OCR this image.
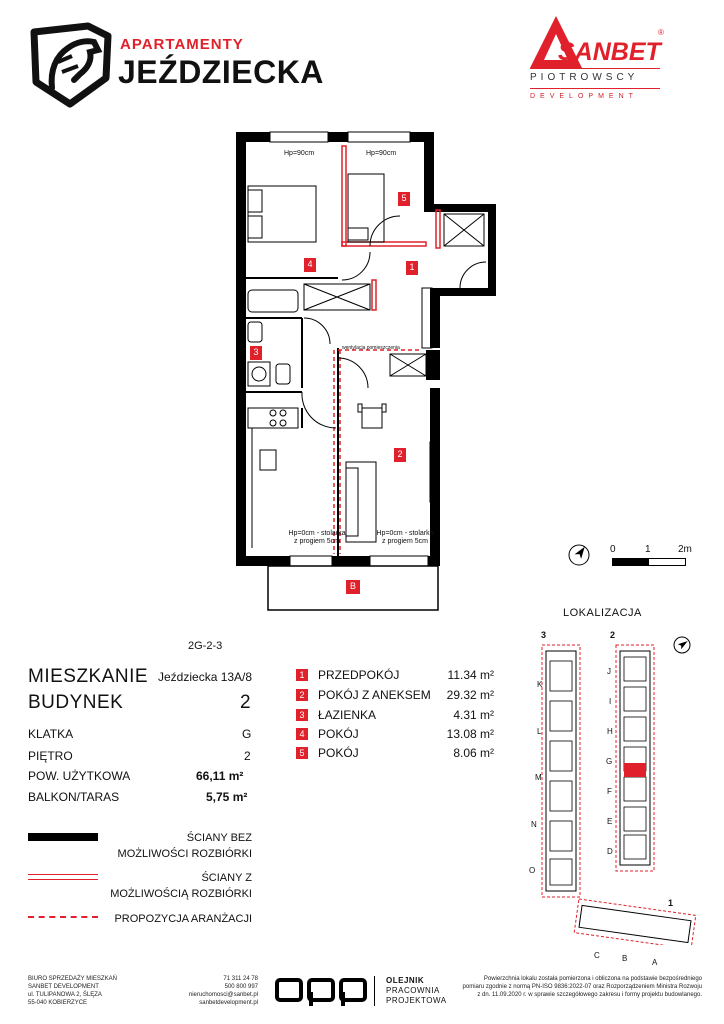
APARTAMENTY
JEŹDZIECKA
SANBET
®
PIOTROWSCY
DEVELOPMENT
1
2
3
4
5
B
Hp=90cm	Hp=90cm
wentylacja pomieszczenia
Hp=0cm - stolarka
z progiem 5cm
Hp=0cm - stolarka
z progiem 5cm
0	1	2m
2G-2-3
MIESZKANIE Jeździecka 13A/8
BUDYNEK	2
KLATKA	G
PIĘTRO	2
POW. UŻYTKOWA	66,11 m²
BALKON/TARAS	5,75 m²
1 PRZEDPOKÓJ	11.34 m²
2 POKÓJ Z ANEKSEM	29.32 m²
3 ŁAZIENKA	4.31 m²
4 POKÓJ	13.08 m²
5 POKÓJ	8.06 m²
ŚCIANY BEZ
MOŻLIWOŚCI ROZBIÓRKI
ŚCIANY Z
MOŻLIWOŚCIĄ ROZBIÓRKI
PROPOZYCJA ARANŻACJI
LOKALIZACJA
3	2
1
K
L
M
N
O
J
I
H
G
F
E
D
C	B	A
BIURO SPRZEDAŻY MIESZKAŃ
SANBET DEVELOPMENT
ul. TULIPANOWA 2, ŚLĘZA
55-040 KOBIERZYCE
71 311 24 78
500 800 997
nieruchomosci@sanbet.pl
sanbetdevelopment.pl
OLEJNIK
PRACOWNIA
PROJEKTOWA
Powierzchnia lokalu została pomierzona i obliczona na podstawie bezpośredniego
pomiaru zgodnie z normą PN-ISO 9836:2022-07 oraz Rozporządzeniem Ministra Rozwoju
z dn. 11.09.2020 r. w sprawie szczegółowego zakresu i formy projektu budowlanego.
